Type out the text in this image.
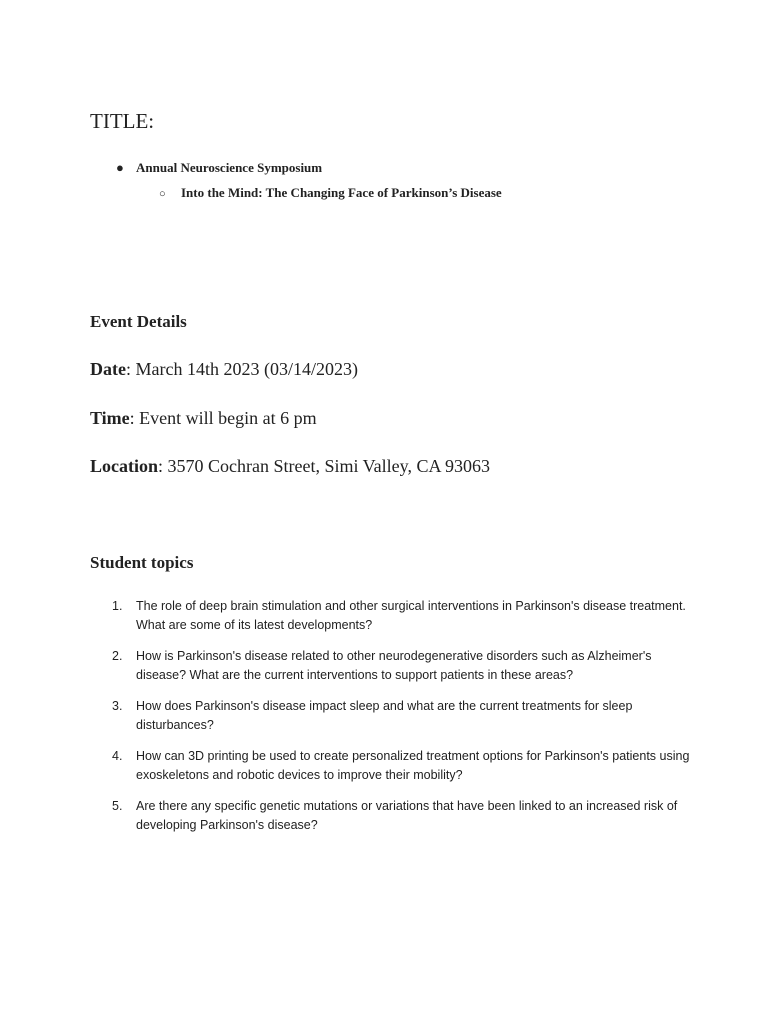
TITLE:
● Annual Neuroscience Symposium
○ Into the Mind: The Changing Face of Parkinson’s Disease
Event Details
Date: March 14th 2023 (03/14/2023)
Time: Event will begin at 6 pm
Location: 3570 Cochran Street, Simi Valley, CA 93063
Student topics
1. The role of deep brain stimulation and other surgical interventions in Parkinson's disease treatment. What are some of its latest developments?
2. How is Parkinson's disease related to other neurodegenerative disorders such as Alzheimer's disease? What are the current interventions to support patients in these areas?
3. How does Parkinson's disease impact sleep and what are the current treatments for sleep disturbances?
4. How can 3D printing be used to create personalized treatment options for Parkinson's patients using exoskeletons and robotic devices to improve their mobility?
5. Are there any specific genetic mutations or variations that have been linked to an increased risk of developing Parkinson's disease?
